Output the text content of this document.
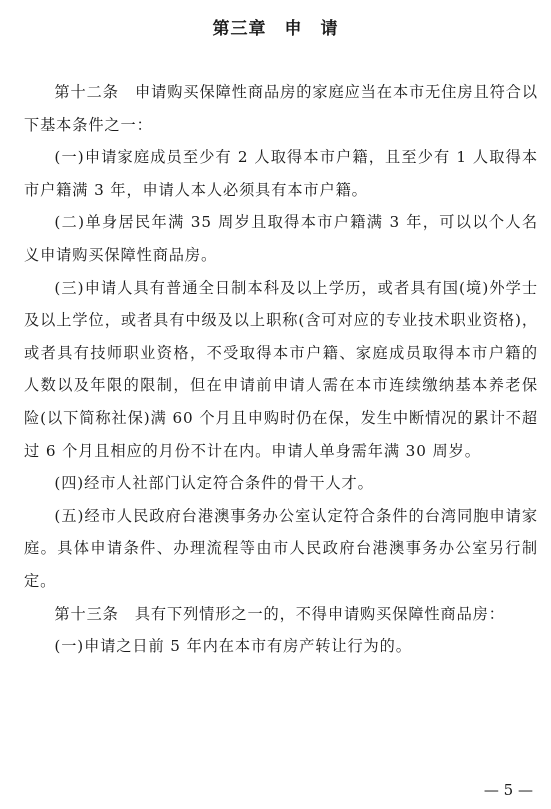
第三章　申　请

第十二条　申请购买保障性商品房的家庭应当在本市无住房且符合以下基本条件之一：

(一)申请家庭成员至少有 2 人取得本市户籍，且至少有 1 人取得本市户籍满 3 年，申请人本人必须具有本市户籍。

(二)单身居民年满 35 周岁且取得本市户籍满 3 年，可以以个人名义申请购买保障性商品房。

(三)申请人具有普通全日制本科及以上学历，或者具有国(境)外学士及以上学位，或者具有中级及以上职称(含可对应的专业技术职业资格)，或者具有技师职业资格，不受取得本市户籍、家庭成员取得本市户籍的人数以及年限的限制，但在申请前申请人需在本市连续缴纳基本养老保险(以下简称社保)满 60 个月且申购时仍在保，发生中断情况的累计不超过 6 个月且相应的月份不计在内。申请人单身需年满 30 周岁。

(四)经市人社部门认定符合条件的骨干人才。

(五)经市人民政府台港澳事务办公室认定符合条件的台湾同胞申请家庭。具体申请条件、办理流程等由市人民政府台港澳事务办公室另行制定。

第十三条　具有下列情形之一的，不得申请购买保障性商品房：

(一)申请之日前 5 年内在本市有房产转让行为的。

— 5 —
